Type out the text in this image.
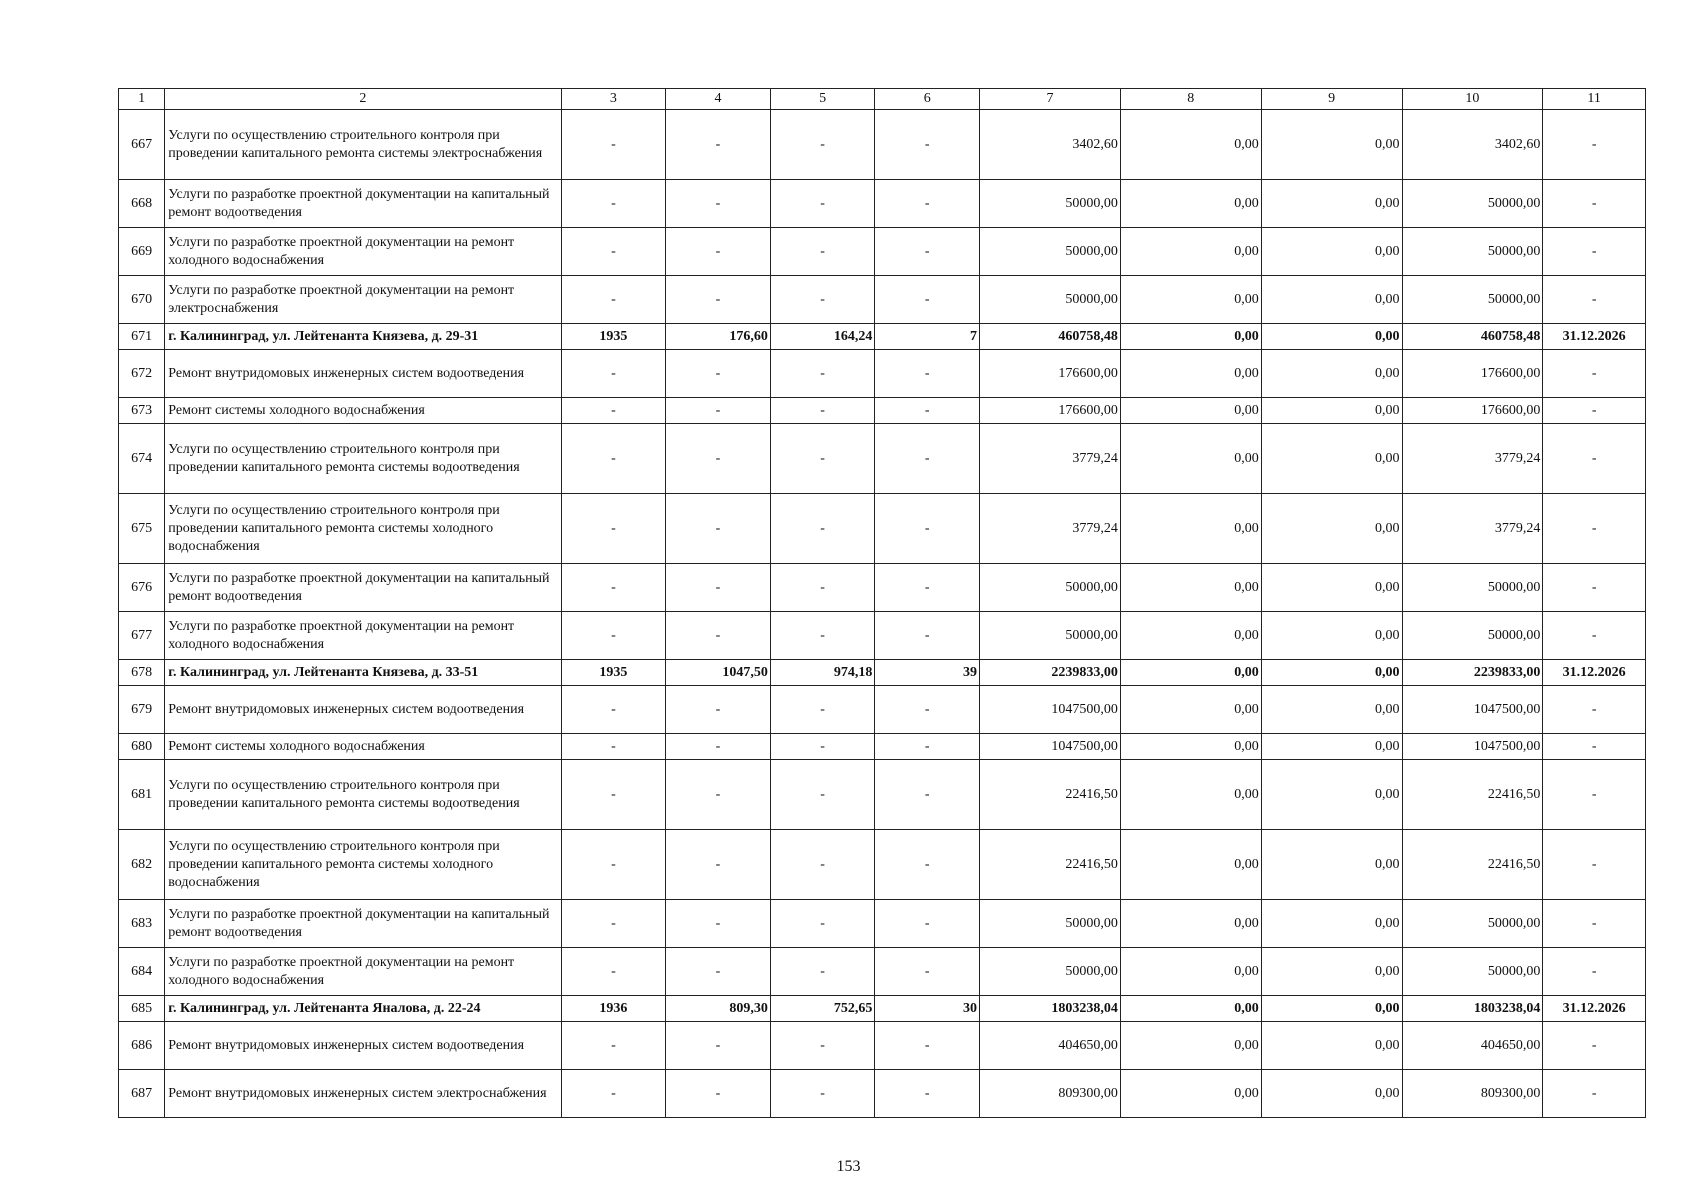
1	2	3	4	5	6	7	8	9	10	11
667	Услуги по осуществлению строительного контроля при проведении капитального ремонта системы электроснабжения	-	-	-	-	3402,60	0,00	0,00	3402,60	-
668	Услуги по разработке проектной документации на капитальный ремонт водоотведения	-	-	-	-	50000,00	0,00	0,00	50000,00	-
669	Услуги по разработке проектной документации на ремонт холодного водоснабжения	-	-	-	-	50000,00	0,00	0,00	50000,00	-
670	Услуги по разработке проектной документации на ремонт электроснабжения	-	-	-	-	50000,00	0,00	0,00	50000,00	-
671	г. Калининград, ул. Лейтенанта Князева, д. 29-31	1935	176,60	164,24	7	460758,48	0,00	0,00	460758,48	31.12.2026
672	Ремонт внутридомовых инженерных систем водоотведения	-	-	-	-	176600,00	0,00	0,00	176600,00	-
673	Ремонт системы холодного водоснабжения	-	-	-	-	176600,00	0,00	0,00	176600,00	-
674	Услуги по осуществлению строительного контроля при проведении капитального ремонта системы водоотведения	-	-	-	-	3779,24	0,00	0,00	3779,24	-
675	Услуги по осуществлению строительного контроля при проведении капитального ремонта системы холодного водоснабжения	-	-	-	-	3779,24	0,00	0,00	3779,24	-
676	Услуги по разработке проектной документации на капитальный ремонт водоотведения	-	-	-	-	50000,00	0,00	0,00	50000,00	-
677	Услуги по разработке проектной документации на ремонт холодного водоснабжения	-	-	-	-	50000,00	0,00	0,00	50000,00	-
678	г. Калининград, ул. Лейтенанта Князева, д. 33-51	1935	1047,50	974,18	39	2239833,00	0,00	0,00	2239833,00	31.12.2026
679	Ремонт внутридомовых инженерных систем водоотведения	-	-	-	-	1047500,00	0,00	0,00	1047500,00	-
680	Ремонт системы холодного водоснабжения	-	-	-	-	1047500,00	0,00	0,00	1047500,00	-
681	Услуги по осуществлению строительного контроля при проведении капитального ремонта системы водоотведения	-	-	-	-	22416,50	0,00	0,00	22416,50	-
682	Услуги по осуществлению строительного контроля при проведении капитального ремонта системы холодного водоснабжения	-	-	-	-	22416,50	0,00	0,00	22416,50	-
683	Услуги по разработке проектной документации на капитальный ремонт водоотведения	-	-	-	-	50000,00	0,00	0,00	50000,00	-
684	Услуги по разработке проектной документации на ремонт холодного водоснабжения	-	-	-	-	50000,00	0,00	0,00	50000,00	-
685	г. Калининград, ул. Лейтенанта Яналова, д. 22-24	1936	809,30	752,65	30	1803238,04	0,00	0,00	1803238,04	31.12.2026
686	Ремонт внутридомовых инженерных систем водоотведения	-	-	-	-	404650,00	0,00	0,00	404650,00	-
687	Ремонт внутридомовых инженерных систем электроснабжения	-	-	-	-	809300,00	0,00	0,00	809300,00	-
153
